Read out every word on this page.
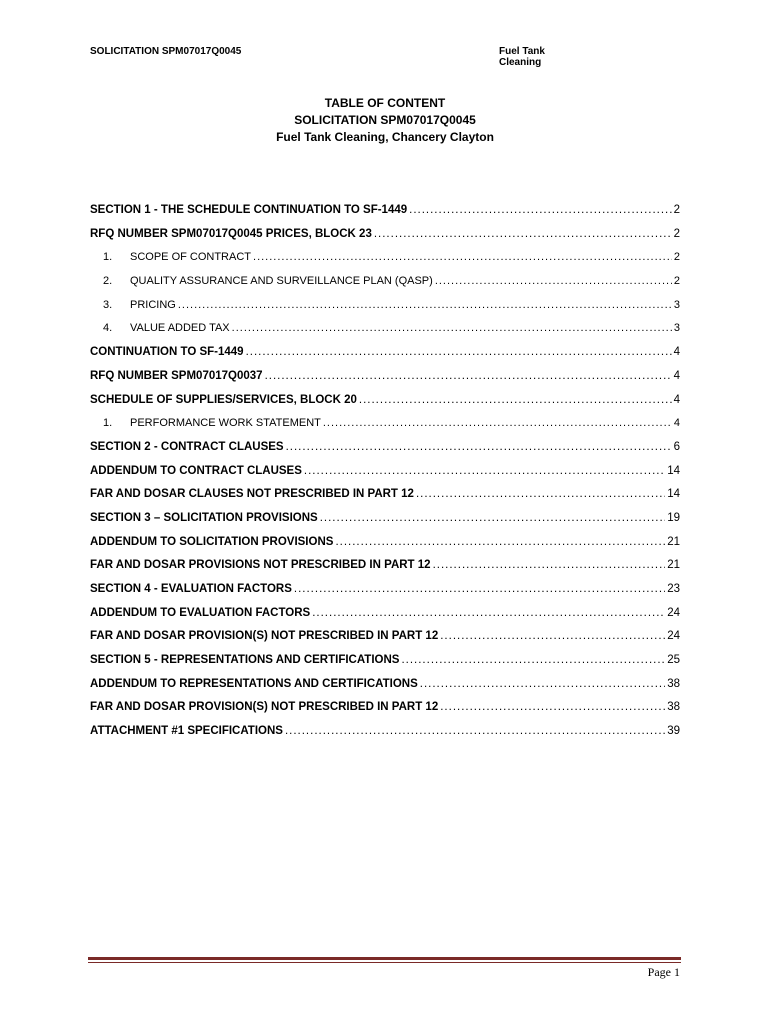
SOLICITATION SPM07017Q0045	Fuel Tank Cleaning
TABLE OF CONTENT
SOLICITATION SPM07017Q0045
Fuel Tank Cleaning, Chancery Clayton
SECTION 1 - THE SCHEDULE CONTINUATION TO SF-1449 .....	2
RFQ NUMBER SPM07017Q0045 PRICES, BLOCK 23 .....	2
1.	SCOPE OF CONTRACT .....	2
2.	QUALITY ASSURANCE AND SURVEILLANCE PLAN (QASP) .....	2
3.	PRICING .....	3
4.	VALUE ADDED TAX .....	3
CONTINUATION TO SF-1449 .....	4
RFQ NUMBER SPM07017Q0037 .....	4
SCHEDULE OF SUPPLIES/SERVICES, BLOCK 20 .....	4
1.	PERFORMANCE WORK STATEMENT .....	4
SECTION 2 - CONTRACT CLAUSES .....	6
ADDENDUM TO CONTRACT CLAUSES .....	14
FAR AND DOSAR CLAUSES NOT PRESCRIBED IN PART 12 .....	14
SECTION 3 – SOLICITATION PROVISIONS .....	19
ADDENDUM TO SOLICITATION PROVISIONS .....	21
FAR AND DOSAR PROVISIONS NOT PRESCRIBED IN PART 12 .....	21
SECTION 4 - EVALUATION FACTORS .....	23
ADDENDUM TO EVALUATION FACTORS .....	24
FAR AND DOSAR PROVISION(S) NOT PRESCRIBED IN PART 12 .....	24
SECTION 5 - REPRESENTATIONS AND CERTIFICATIONS .....	25
ADDENDUM TO REPRESENTATIONS AND CERTIFICATIONS .....	38
FAR AND DOSAR PROVISION(S) NOT PRESCRIBED IN PART 12 .....	38
ATTACHMENT #1 SPECIFICATIONS .....	39
Page 1
